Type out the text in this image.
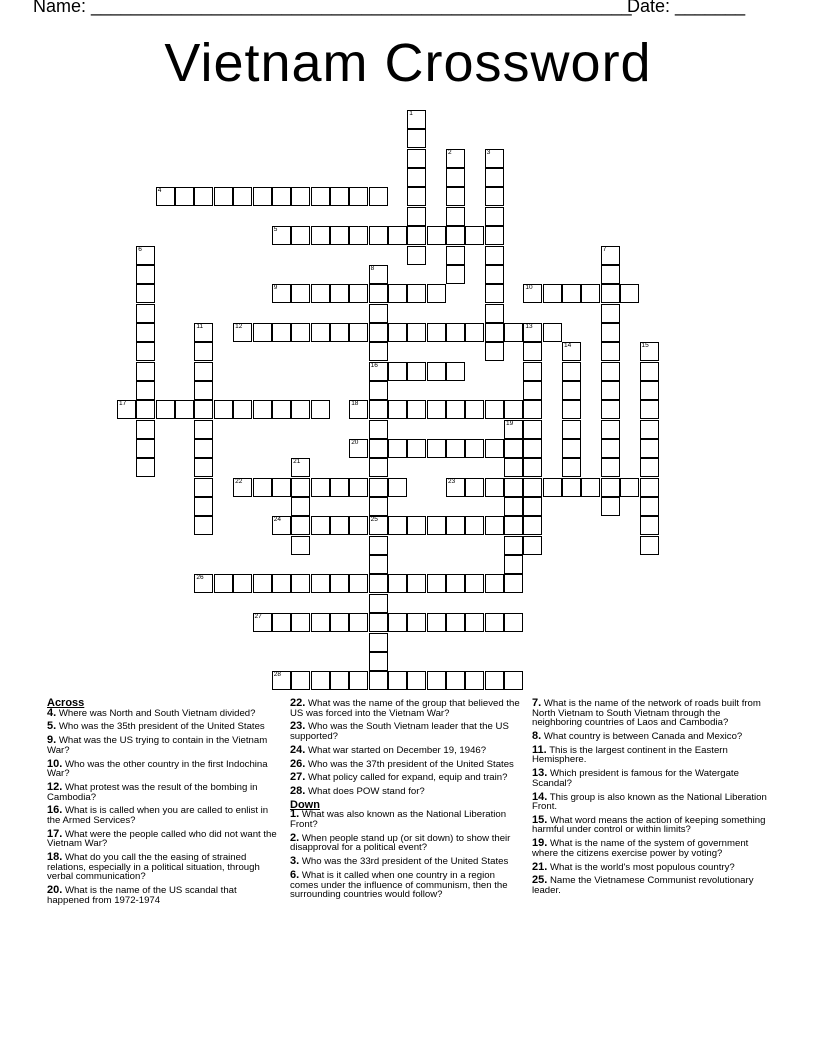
Name: ______________________________________________________
Date: _______
Vietnam Crossword
1
2	3
4
5
6	7
8
16
25
9	10
11	12	13
14	15
17	18
19
20
21
22	23
24
26
27
28

Across

4. Where was North and South Vietnam divided?

5. Who was the 35th president of the United States

9. What was the US trying to contain in the Vietnam War?

10. Who was the other country in the first Indochina War?

12. What protest was the result of the bombing in Cambodia?

16. What is is called when you are called to enlist in the Armed Services?

17. What were the people called who did not want the Vietnam War?

18. What do you call the the easing of strained relations, especially in a political situation, through verbal communication?

20. What is the name of the US scandal that happened from 1972-1974

22. What was the name of the group that believed the US was forced into the Vietnam War?

23. Who was the South Vietnam leader that the US supported?

24. What war started on December 19, 1946?

26. Who was the 37th president of the United States

27. What policy called for expand, equip and train?

28. What does POW stand for?

Down

1. What was also known as the National Liberation Front?

2. When people stand up (or sit down) to show their disapproval for a political event?

3. Who was the 33rd president of the United States

6. What is it called when one country in a region comes under the influence of communism, then the surrounding countries would follow?

7. What is the name of the network of roads built from North Vietnam to South Vietnam through the neighboring countries of Laos and Cambodia?

8. What country is between Canada and Mexico?

11. This is the largest continent in the Eastern Hemisphere.

13. Which president is famous for the Watergate Scandal?

14. This group is also known as the National Liberation Front.

15. What word means the action of keeping something harmful under control or within limits?

19. What is the name of the system of government where the citizens exercise power by voting?

21. What is the world's most populous country?

25. Name the Vietnamese Communist revolutionary leader.
